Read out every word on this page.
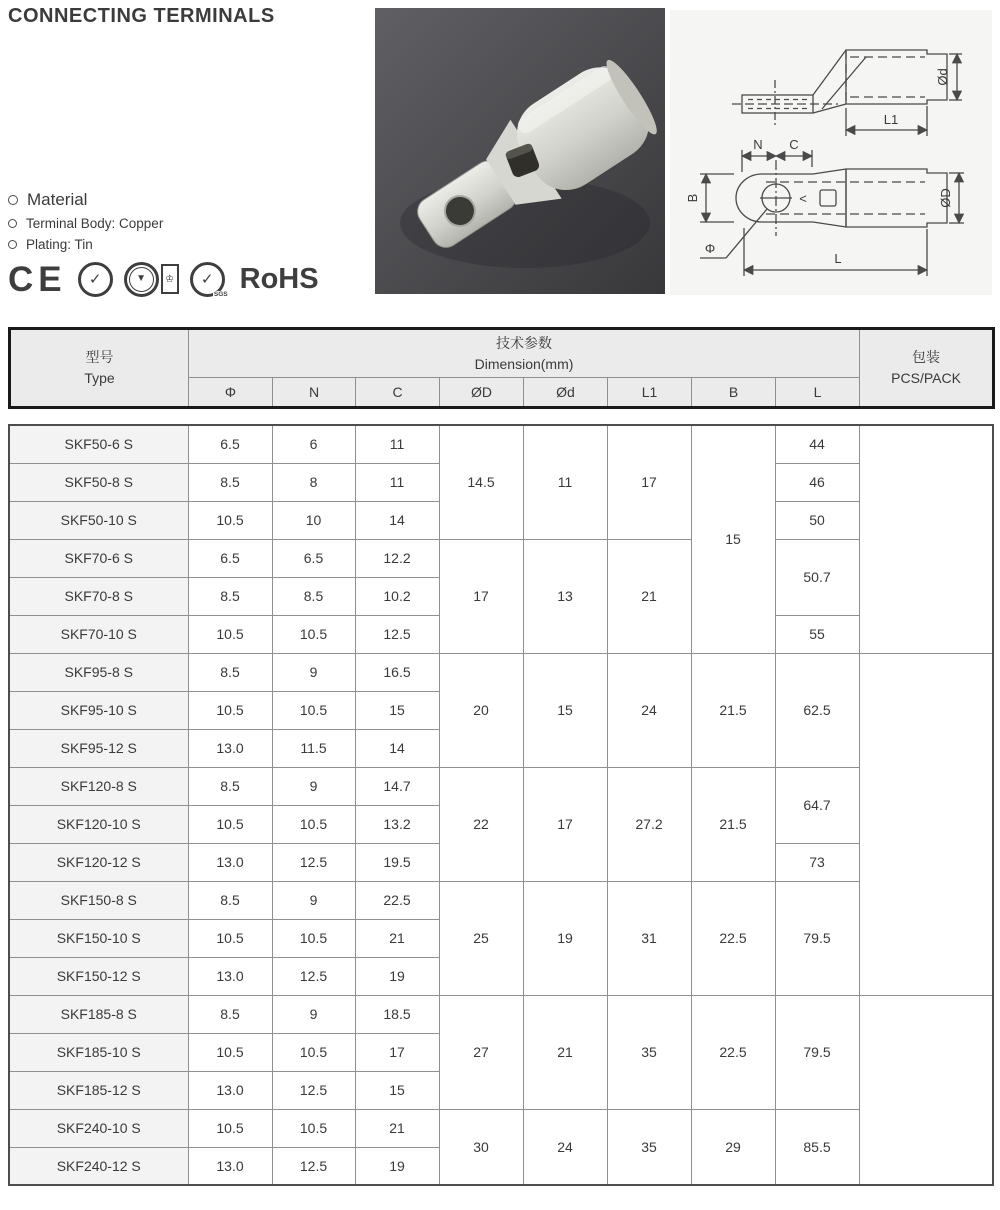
CONNECTING TERMINALS
Material
Terminal Body: Copper
Plating: Tin
CE ✓	▼ ♔ ✓
SGS RoHS
Ød
L1
N C
B	ØD
<
Φ
L
型号
Type

技术参数
Dimension(mm)	包装
PCS/PACK

	Φ	N	C	ØD	Ød	L1	B	L	
SKF50-6 S	6.5	6	11	14.5	11	17	15	44	
SKF50-8 S	8.5	8	11					46	
SKF50-10 S	10.5	10	14					50	
SKF70-6 S	6.5	6.5	12.2	17	13	21		50.7	
SKF70-8 S	8.5	8.5	10.2						
SKF70-10 S	10.5	10.5	12.5					55	
SKF95-8 S	8.5	9	16.5	20	15	24	21.5	62.5	
SKF95-10 S	10.5	10.5	15						
SKF95-12 S	13.0	11.5	14						
SKF120-8 S	8.5	9	14.7	22	17	27.2	21.5	64.7	
SKF120-10 S	10.5	10.5	13.2						
SKF120-12 S	13.0	12.5	19.5					73	
SKF150-8 S	8.5	9	22.5	25	19	31	22.5	79.5	
SKF150-10 S	10.5	10.5	21						
SKF150-12 S	13.0	12.5	19						
SKF185-8 S	8.5	9	18.5	27	21	35	22.5	79.5	
SKF185-10 S	10.5	10.5	17						
SKF185-12 S	13.0	12.5	15						
SKF240-10 S	10.5	10.5	21	30	24	35	29	85.5	
SKF240-12 S	13.0	12.5	19						
